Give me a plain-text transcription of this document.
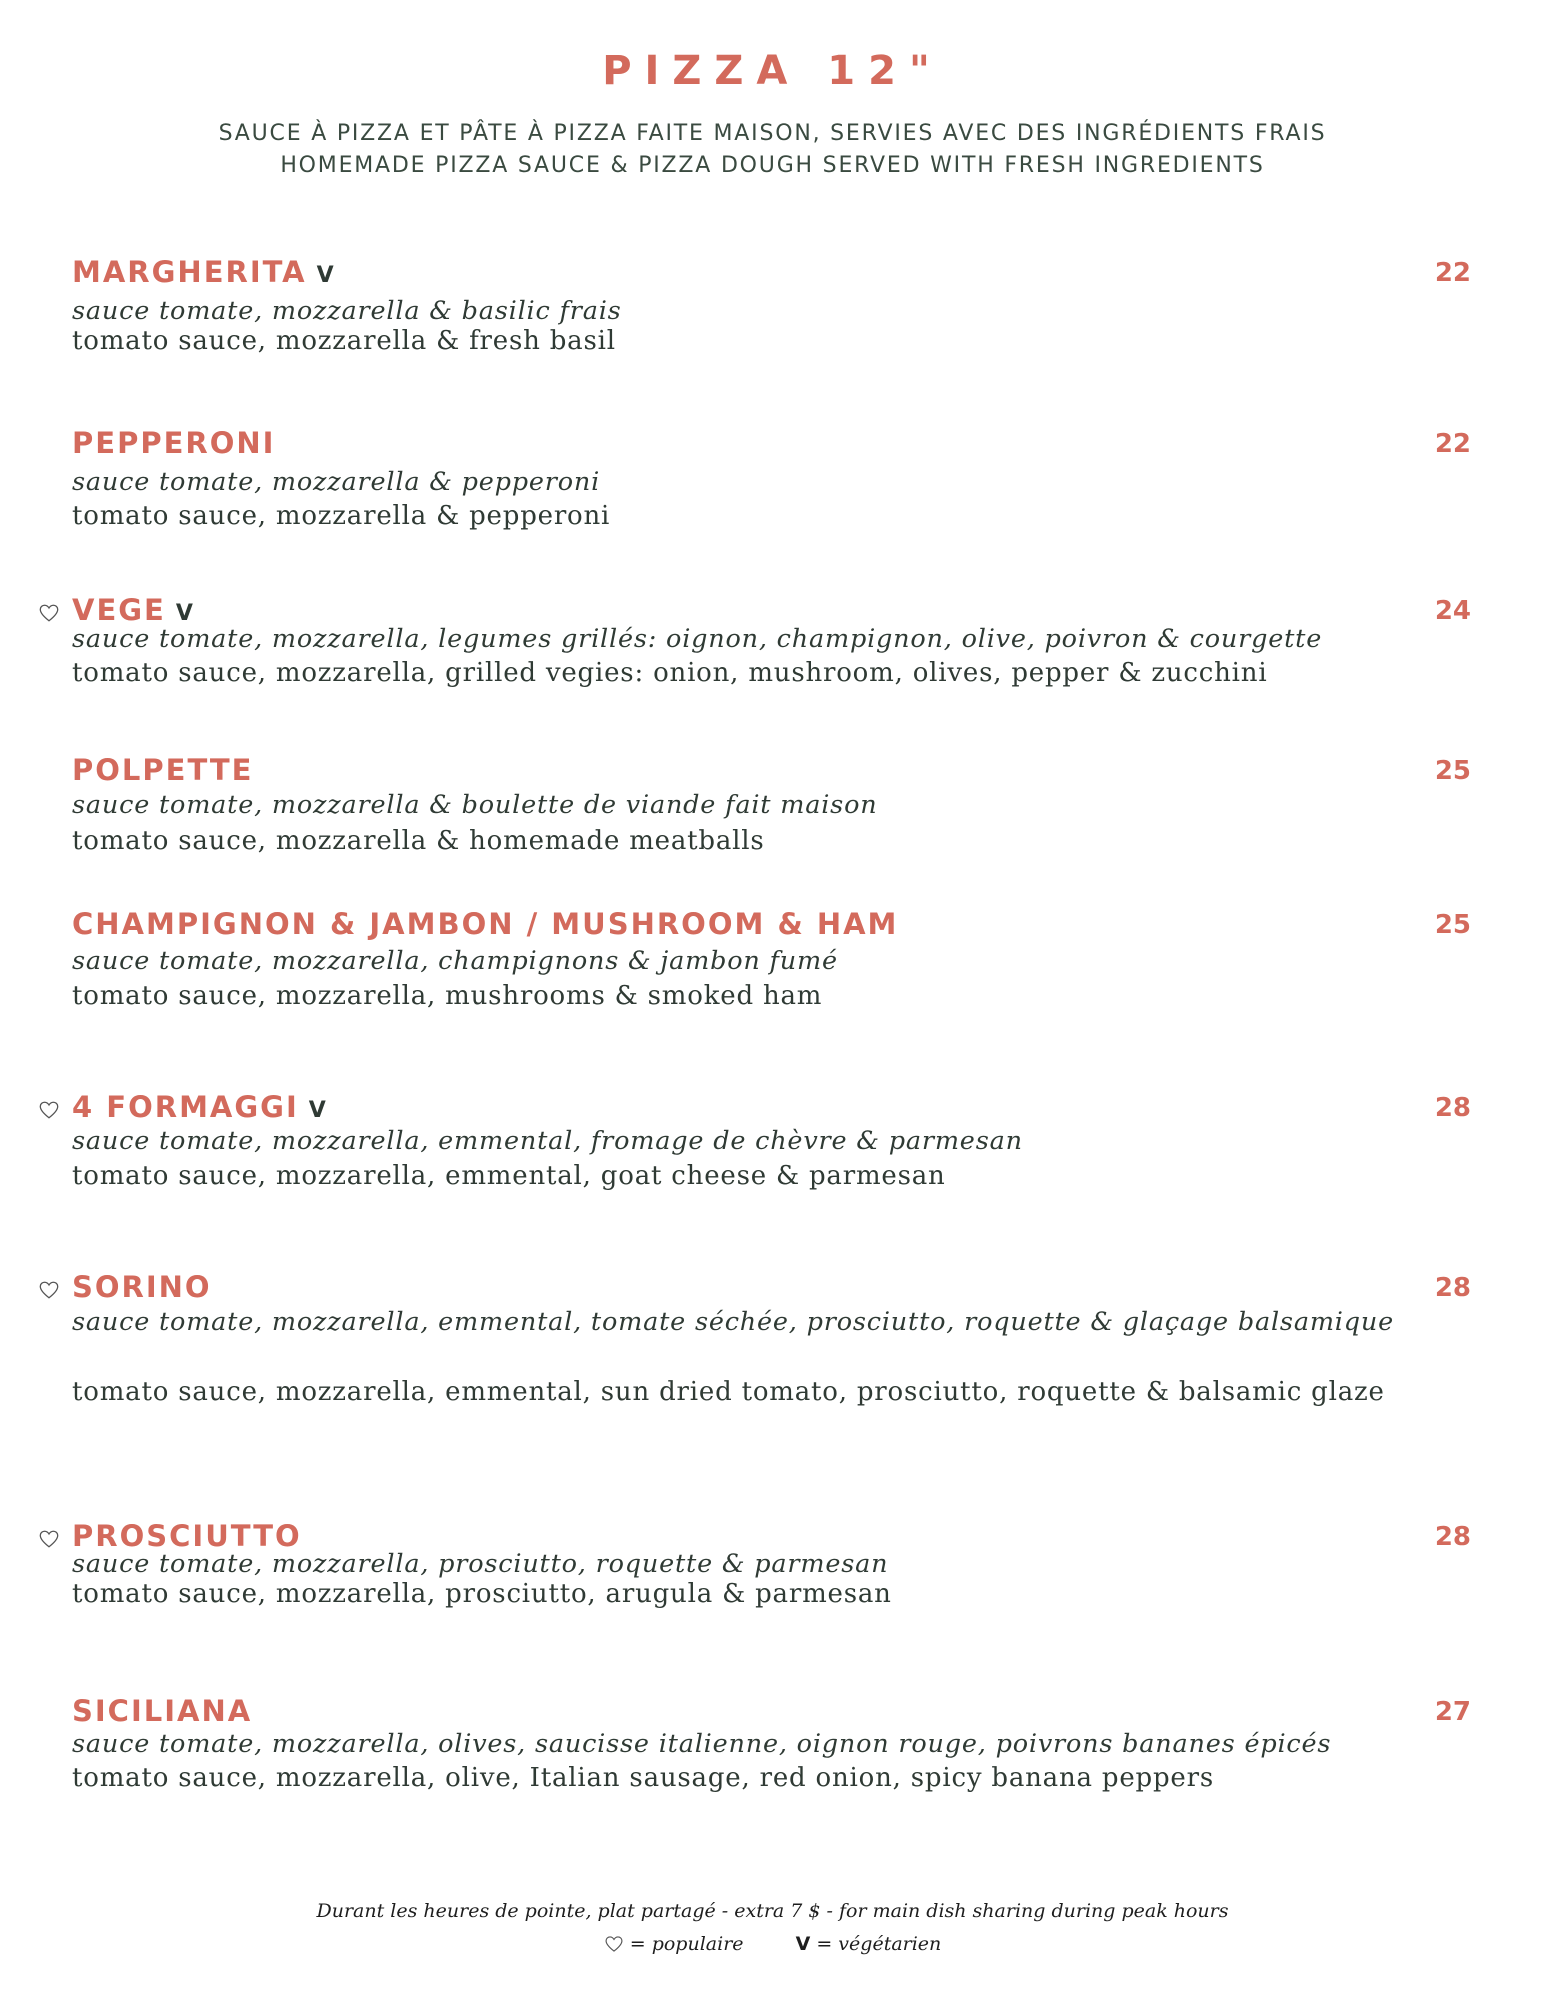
PIZZA 12"
SAUCE À PIZZA ET PÂTE À PIZZA FAITE MAISON, SERVIES AVEC DES INGRÉDIENTS FRAIS
HOMEMADE PIZZA SAUCE & PIZZA DOUGH SERVED WITH FRESH INGREDIENTS
MARGHERITA V	22
sauce tomate, mozzarella & basilic frais
tomato sauce, mozzarella & fresh basil
PEPPERONI	22
sauce tomate, mozzarella & pepperoni
tomato sauce, mozzarella & pepperoni
VEGE V	24
sauce tomate, mozzarella, legumes grillés: oignon, champignon, olive, poivron & courgette
tomato sauce, mozzarella, grilled vegies: onion, mushroom, olives, pepper & zucchini
POLPETTE	25
sauce tomate, mozzarella & boulette de viande fait maison
tomato sauce, mozzarella & homemade meatballs
CHAMPIGNON & JAMBON / MUSHROOM & HAM	25
sauce tomate, mozzarella, champignons & jambon fumé
tomato sauce, mozzarella, mushrooms & smoked ham
4 FORMAGGI V	28
sauce tomate, mozzarella, emmental, fromage de chèvre & parmesan
tomato sauce, mozzarella, emmental, goat cheese & parmesan
SORINO	28
sauce tomate, mozzarella, emmental, tomate séchée, prosciutto, roquette & glaçage balsamique
tomato sauce, mozzarella, emmental, sun dried tomato, prosciutto, roquette & balsamic glaze
PROSCIUTTO	28
sauce tomate, mozzarella, prosciutto, roquette & parmesan
tomato sauce, mozzarella, prosciutto, arugula & parmesan
SICILIANA	27
sauce tomate, mozzarella, olives, saucisse italienne, oignon rouge, poivrons bananes épicés
tomato sauce, mozzarella, olive, Italian sausage, red onion, spicy banana peppers
Durant les heures de pointe, plat partagé - extra 7 $ - for main dish sharing during peak hours
= populaire	V = végétarien
